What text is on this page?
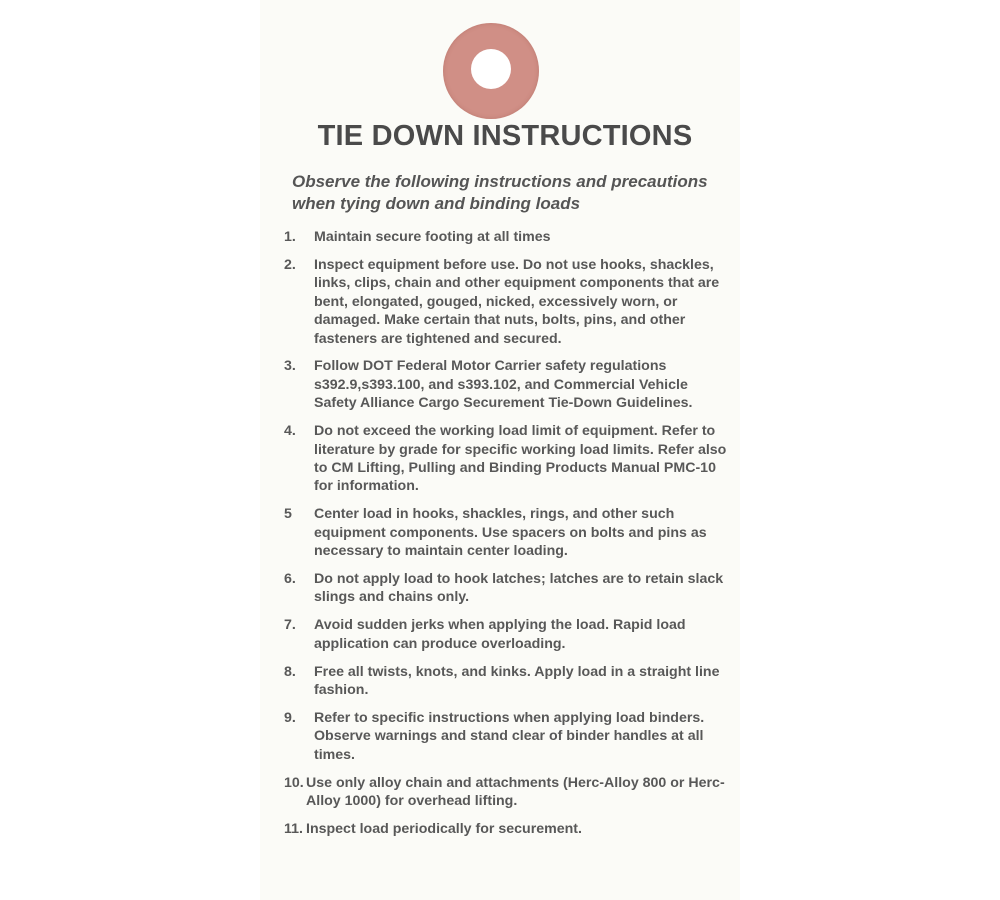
TIE DOWN INSTRUCTIONS
Observe the following instructions and precautions
when tying down and binding loads
1.	Maintain secure footing at all times
2.	Inspect equipment before use. Do not use hooks, shackles, links, clips, chain and other equipment components that are bent, elongated, gouged, nicked, excessively worn, or damaged. Make certain that nuts, bolts, pins, and other fasteners are tightened and secured.
3.	Follow DOT Federal Motor Carrier safety regulations s392.9,s393.100, and s393.102, and Commercial Vehicle Safety Alliance Cargo Securement Tie-Down Guidelines.
4.	Do not exceed the working load limit of equipment. Refer to literature by grade for specific working load limits. Refer also to CM Lifting, Pulling and Binding Products Manual PMC-10 for information.
5	Center load in hooks, shackles, rings, and other such equipment components. Use spacers on bolts and pins as necessary to maintain center loading.
6.	Do not apply load to hook latches; latches are to retain slack slings and chains only.
7.	Avoid sudden jerks when applying the load. Rapid load application can produce overloading.
8.	Free all twists, knots, and kinks. Apply load in a straight line fashion.
9.	Refer to specific instructions when applying load binders. Observe warnings and stand clear of binder handles at all times.
10. Use only alloy chain and attachments (Herc-Alloy 800 or Herc-Alloy 1000) for overhead lifting.
11. Inspect load periodically for securement.
